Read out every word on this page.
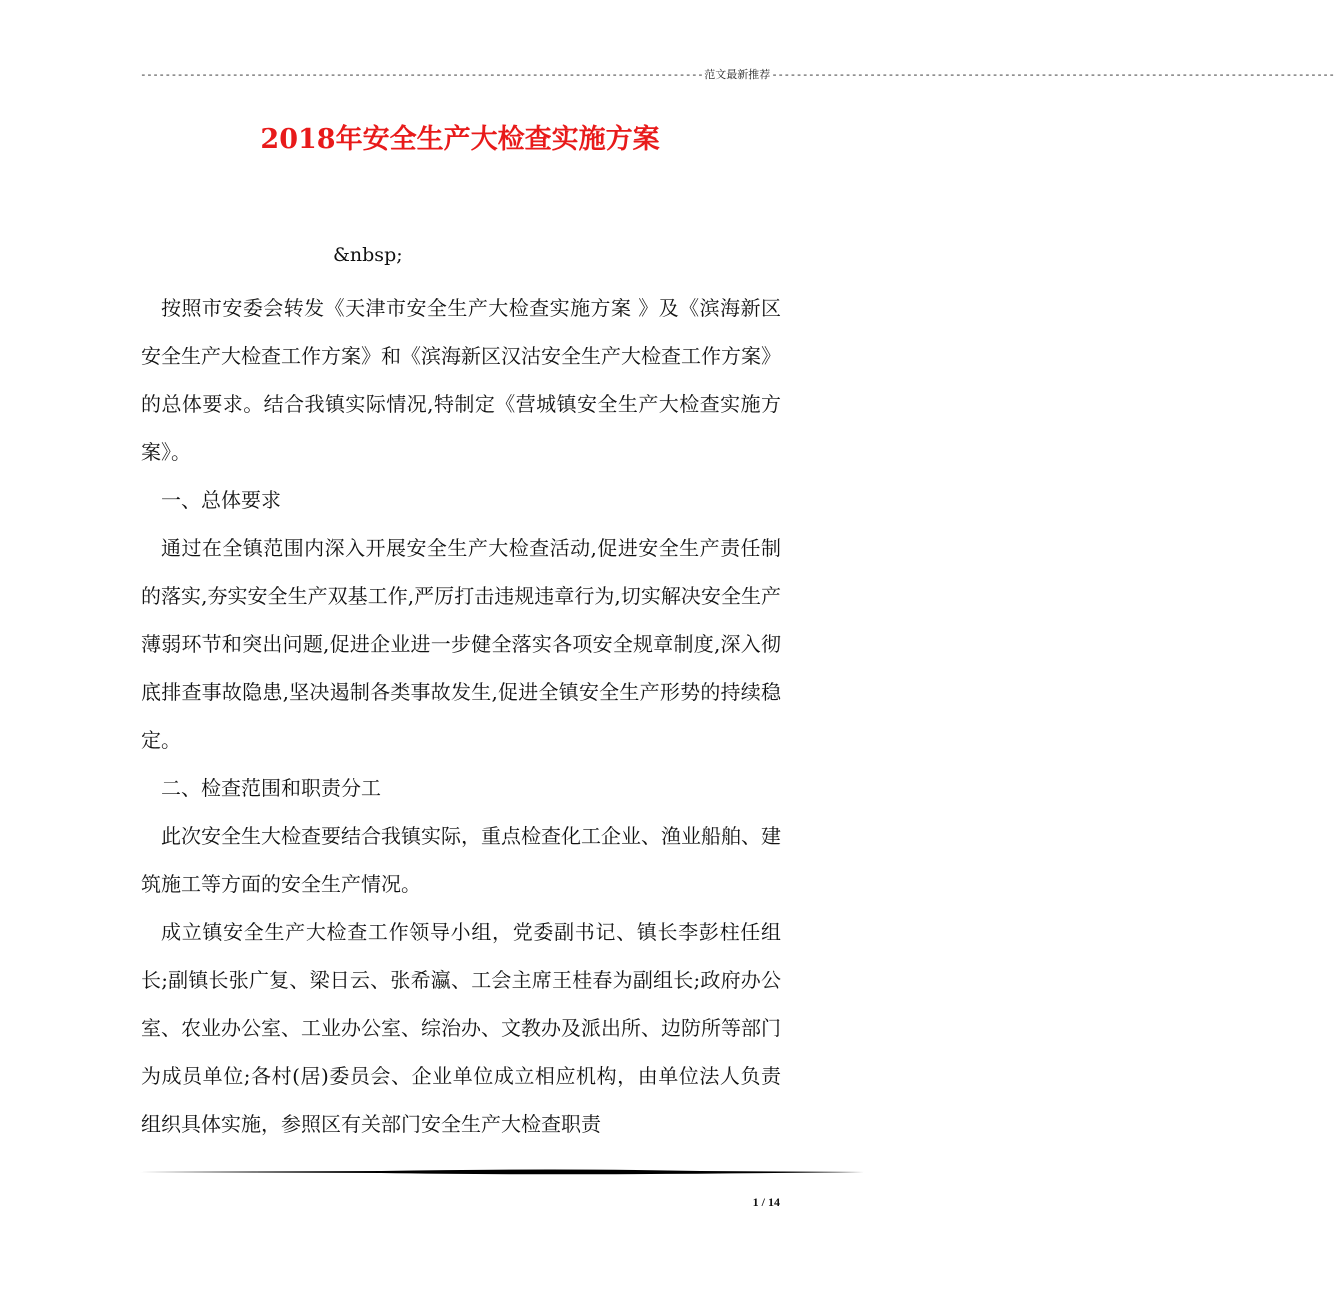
-------------------------------------------------------------------------------------------- 范文最新推荐 --------------------------------------------------------------------------------------------
2018年安全生产大检查实施方案
&nbsp;

按照市安委会转发《天津市安全生产大检查实施方案 》及《滨海新区安全生产大检查工作方案》和《滨海新区汉沽安全生产大检查工作方案》的总体要求。结合我镇实际情况,特制定《营城镇安全生产大检查实施方案》。

一、总体要求

通过在全镇范围内深入开展安全生产大检查活动,促进安全生产责任制的落实,夯实安全生产双基工作,严厉打击违规违章行为,切实解决安全生产薄弱环节和突出问题,促进企业进一步健全落实各项安全规章制度,深入彻底排查事故隐患,坚决遏制各类事故发生,促进全镇安全生产形势的持续稳定。

二、检查范围和职责分工

此次安全生大检查要结合我镇实际，重点检查化工企业、渔业船舶、建筑施工等方面的安全生产情况。

成立镇安全生产大检查工作领导小组，党委副书记、镇长李彭柱任组长;副镇长张广复、梁日云、张希瀛、工会主席王桂春为副组长;政府办公室、农业办公室、工业办公室、综治办、文教办及派出所、边防所等部门为成员单位;各村(居)委员会、企业单位成立相应机构，由单位法人负责组织具体实施，参照区有关部门安全生产大检查职责

1 / 14
